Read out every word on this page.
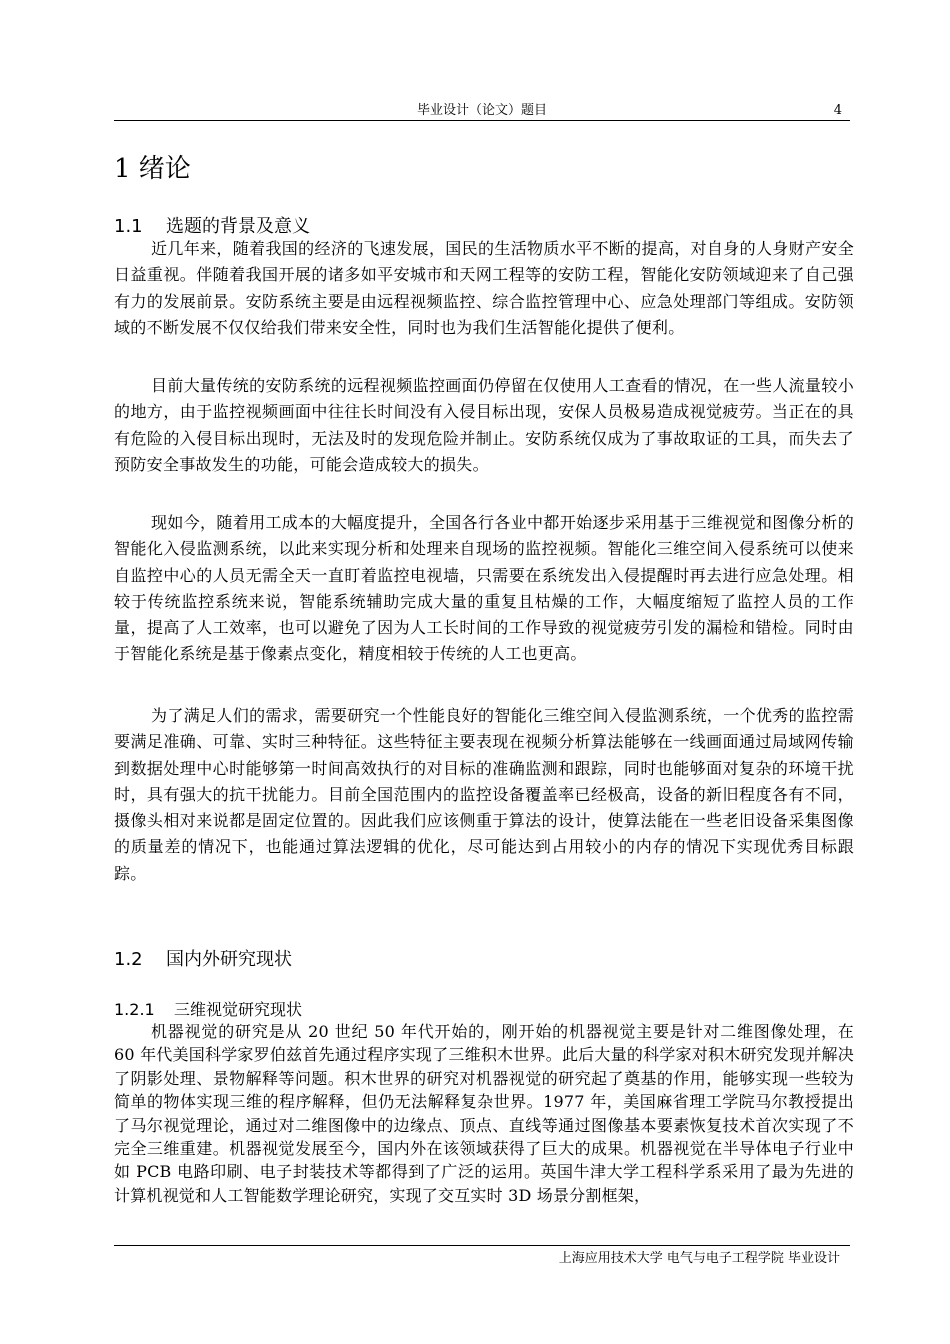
毕业设计（论文）题目	4
1 绪论
1.1 选题的背景及意义

近几年来，随着我国的经济的飞速发展，国民的生活物质水平不断的提高，对自身的人身财产安全日益重视。伴随着我国开展的诸多如平安城市和天网工程等的安防工程，智能化安防领域迎来了自己强有力的发展前景。安防系统主要是由远程视频监控、综合监控管理中心、应急处理部门等组成。安防领域的不断发展不仅仅给我们带来安全性，同时也为我们生活智能化提供了便利。

目前大量传统的安防系统的远程视频监控画面仍停留在仅使用人工查看的情况，在一些人流量较小的地方，由于监控视频画面中往往长时间没有入侵目标出现，安保人员极易造成视觉疲劳。当正在的具有危险的入侵目标出现时，无法及时的发现危险并制止。安防系统仅成为了事故取证的工具，而失去了预防安全事故发生的功能，可能会造成较大的损失。

现如今，随着用工成本的大幅度提升，全国各行各业中都开始逐步采用基于三维视觉和图像分析的智能化入侵监测系统，以此来实现分析和处理来自现场的监控视频。智能化三维空间入侵系统可以使来自监控中心的人员无需全天一直盯着监控电视墙，只需要在系统发出入侵提醒时再去进行应急处理。相较于传统监控系统来说，智能系统辅助完成大量的重复且枯燥的工作，大幅度缩短了监控人员的工作量，提高了人工效率，也可以避免了因为人工长时间的工作导致的视觉疲劳引发的漏检和错检。同时由于智能化系统是基于像素点变化，精度相较于传统的人工也更高。

为了满足人们的需求，需要研究一个性能良好的智能化三维空间入侵监测系统，一个优秀的监控需要满足准确、可靠、实时三种特征。这些特征主要表现在视频分析算法能够在一线画面通过局域网传输到数据处理中心时能够第一时间高效执行的对目标的准确监测和跟踪，同时也能够面对复杂的环境干扰时，具有强大的抗干扰能力。目前全国范围内的监控设备覆盖率已经极高，设备的新旧程度各有不同，摄像头相对来说都是固定位置的。因此我们应该侧重于算法的设计，使算法能在一些老旧设备采集图像的质量差的情况下，也能通过算法逻辑的优化，尽可能达到占用较小的内存的情况下实现优秀目标跟踪。

1.2 国内外研究现状
1.2.1 三维视觉研究现状

机器视觉的研究是从 20 世纪 50 年代开始的，刚开始的机器视觉主要是针对二维图像处理，在 60 年代美国科学家罗伯兹首先通过程序实现了三维积木世界。此后大量的科学家对积木研究发现并解决了阴影处理、景物解释等问题。积木世界的研究对机器视觉的研究起了奠基的作用，能够实现一些较为简单的物体实现三维的程序解释，但仍无法解释复杂世界。1977 年，美国麻省理工学院马尔教授提出了马尔视觉理论，通过对二维图像中的边缘点、顶点、直线等通过图像基本要素恢复技术首次实现了不完全三维重建。机器视觉发展至今，国内外在该领域获得了巨大的成果。机器视觉在半导体电子行业中如 PCB 电路印刷、电子封装技术等都得到了广泛的运用。英国牛津大学工程科学系采用了最为先进的计算机视觉和人工智能数学理论研究，实现了交互实时 3D 场景分割框架，

上海应用技术大学 电气与电子工程学院 毕业设计
